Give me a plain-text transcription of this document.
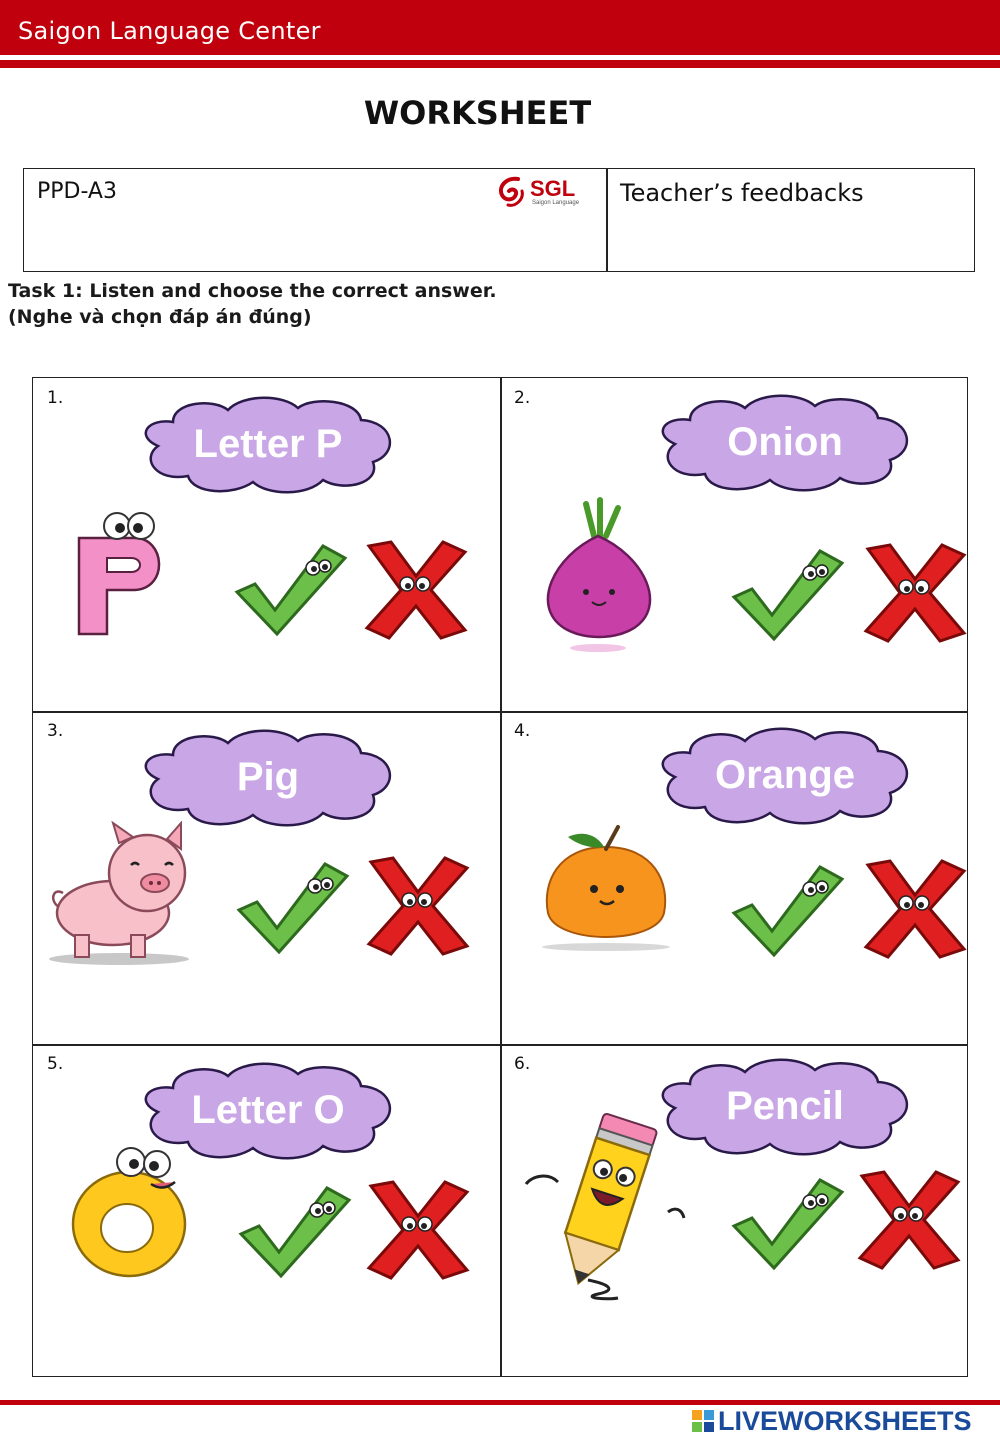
Saigon Language Center
WORKSHEET
PPD-A3	SGL
Saigon Language Teacher’s feedbacks
Task 1: Listen and choose the correct answer.
(Nghe và chọn đáp án đúng)
1.
Letter P
2.
Onion
3.
Pig
4.
Orange
5.
Letter O
6.
Pencil
LIVEWORKSHEETS
